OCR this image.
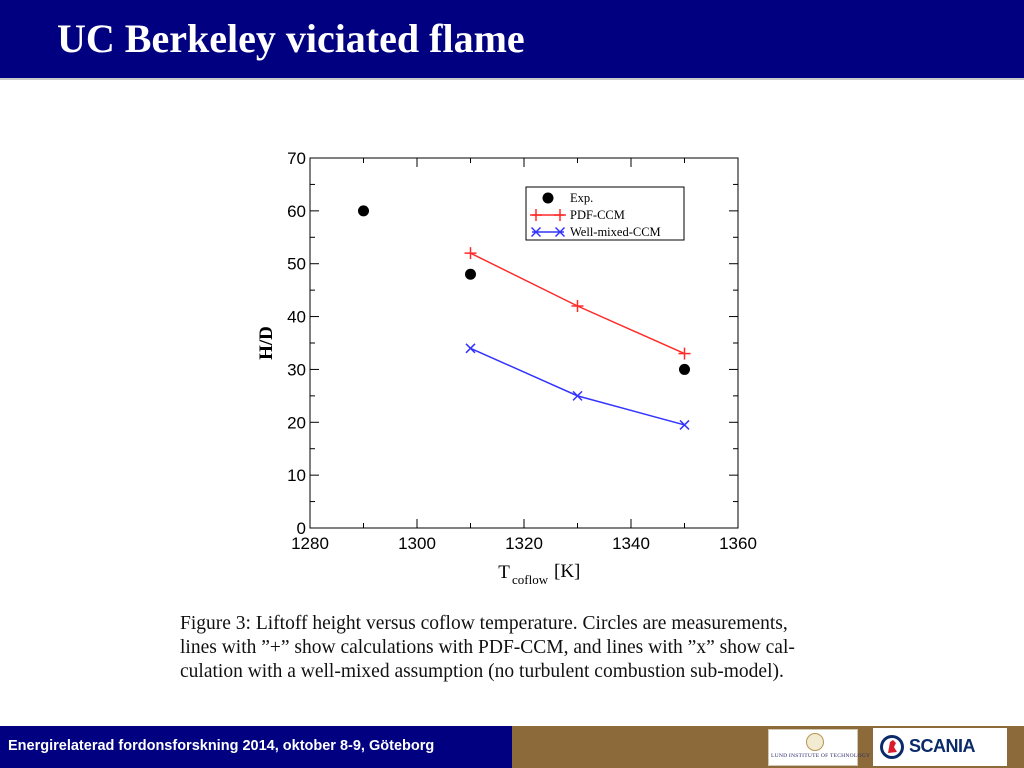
UC Berkeley viciated flame
1280	1300	1320	1340	1360
0
10
20
30
40
50
60
70
T coflow [K]
H/D
Exp.
PDF-CCM
Well-mixed-CCM

Figure 3: Liftoff height versus coflow temperature. Circles are measurements,
lines with ”+” show calculations with PDF-CCM, and lines with ”x” show cal-
culation with a well-mixed assumption (no turbulent combustion sub-model).

Energirelaterad fordonsforskning 2014, oktober 8-9, Göteborg
LUND INSTITUTE OF TECHNOLOGY SCANIA
